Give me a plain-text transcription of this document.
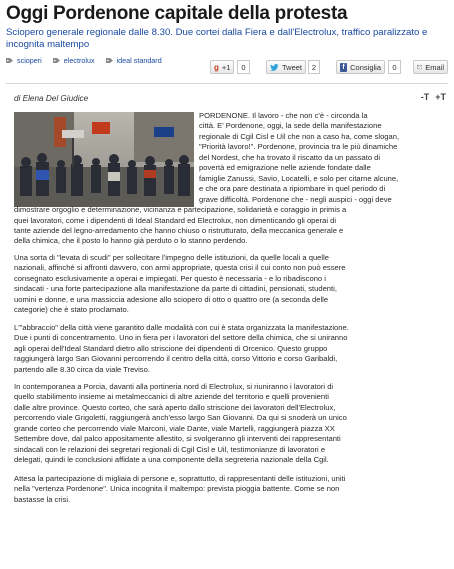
Oggi Pordenone capitale della protesta
Sciopero generale regionale dalle 8.30. Due cortei dalla Fiera e dall'Electrolux, traffico paralizzato e
incognita maltempo
scioperi	electrolux	ideal standard
g +1	0	Tweet	2	f Consiglia	0	Email
di Elena Del Giudice	-T +T
PORDENONE. Il lavoro - che non c'è - circonda la
città. E' Pordenone, oggi, la sede della manifestazione
regionale di Cgil Cisl e Uil che non a caso ha, come slogan,
"Priorità lavoro!". Pordenone, provincia tra le più dinamiche
del Nordest, che ha trovato il riscatto da un passato di
povertà ed emigrazione nelle aziende fondate dalle
famiglie Zanussi, Savio, Locatelli, e solo per citarne alcune,
e che ora pare destinata a ripiombare in quel periodo di
grave difficoltà. Pordenone che - negli auspici - oggi deve
dimostrare orgoglio e determinazione, vicinanza e partecipazione, solidarietà e coraggio in primis a
quei lavoratori, come i dipendenti di Ideal Standard ed Electrolux, non dimenticando gli operai di
tante aziende del legno-arredamento che hanno chiuso o ristrutturato, della meccanica generale e
della chimica, che il posto lo hanno già perduto o lo stanno perdendo.
Una sorta di "levata di scudi" per sollecitare l'impegno delle istituzioni, da quelle locali a quelle
nazionali, affinché si affronti davvero, con armi appropriate, questa crisi il cui conto non può essere
consegnato esclusivamente a operai e impiegati. Per questo è necessaria - e lo ribadiscono i
sindacati - una forte partecipazione alla manifestazione da parte di cittadini, pensionati, studenti,
uomini e donne, e una massiccia adesione allo sciopero di otto o quattro ore (a seconda delle
categorie) che è stato proclamato.
L'"abbraccio" della città viene garantito dalle modalità con cui è stata organizzata la manifestazione.
Due i punti di concentramento. Uno in fiera per i lavoratori del settore della chimica, che si uniranno
agli operai dell'Ideal Standard dietro allo striscione dei dipendenti di Orcenico. Questo gruppo
raggiungerà largo San Giovanni percorrendo il centro della città, corso Vittorio e corso Garibaldi,
partendo alle 8.30 circa da viale Treviso.
In contemporanea a Porcia, davanti alla portineria nord di Electrolux, si riuniranno i lavoratori di
quello stabilimento insieme ai metalmeccanici di altre aziende del territorio e quelli provenienti
dalle altre province. Questo corteo, che sarà aperto dallo striscione dei lavoratori dell'Electrolux,
percorrendo viale Grigoletti, raggiungerà anch'esso largo San Giovanni. Da qui si snoderà un unico
grande corteo che percorrendo viale Marconi, viale Dante, viale Martelli, raggiungerà piazza XX
Settembre dove, dal palco appositamente allestito, si svolgeranno gli interventi dei rappresentanti
sindacali con le relazioni dei segretari regionali di Cgil Cisl e Uil, testimonianze di lavoratori e
delegati, quindi le conclusioni affidate a una componente della segreteria nazionale della Cgil.
Attesa la partecipazione di migliaia di persone e, soprattutto, di rappresentanti delle istituzioni, uniti
nella "vertenza Pordenone". Unica incognita il maltempo: prevista pioggia battente. Come se non
bastasse la crisi.
